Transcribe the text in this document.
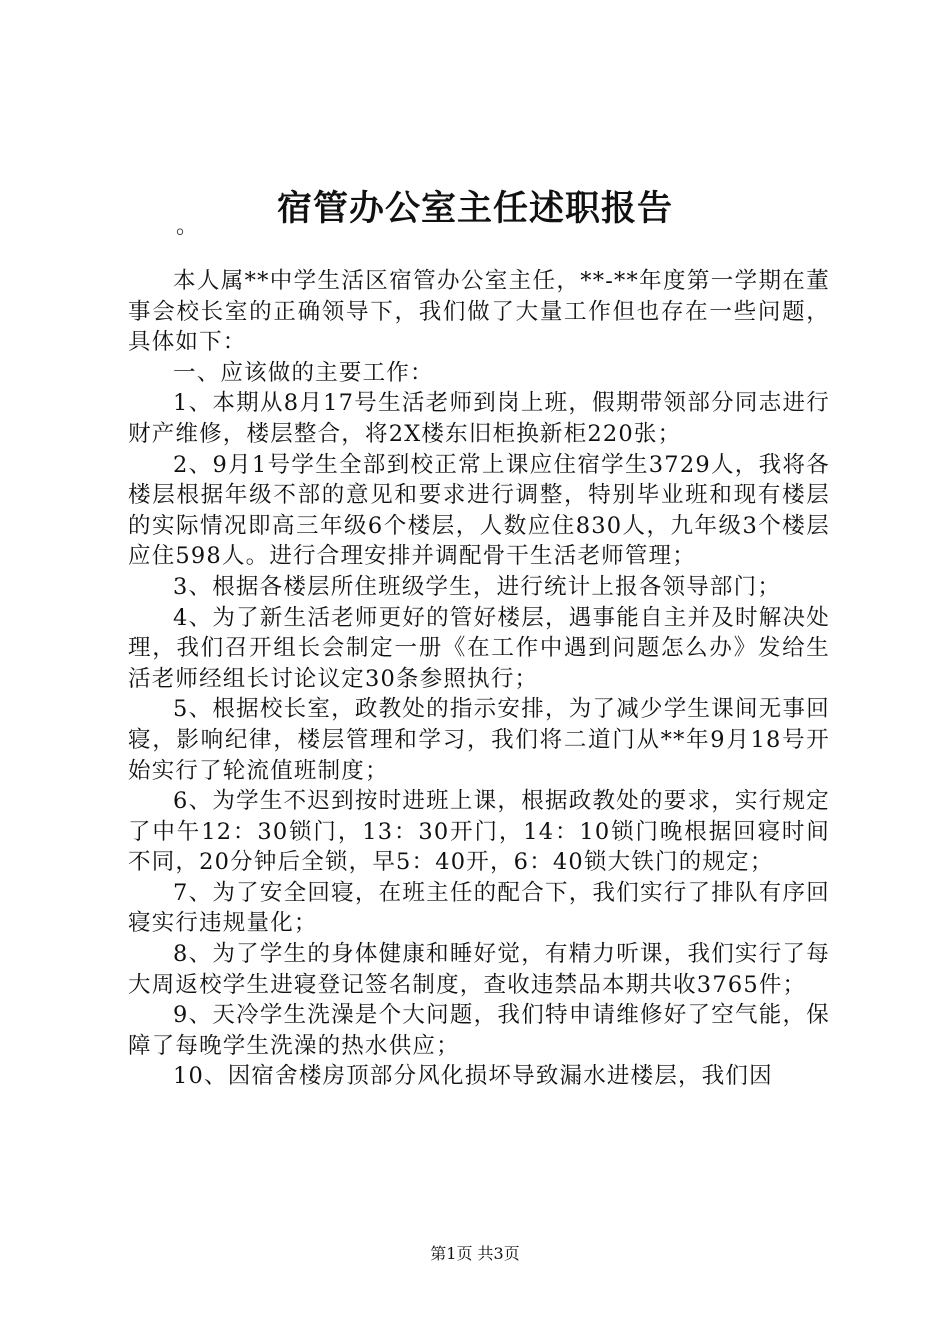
宿管办公室主任述职报告
。

本人属**中学生活区宿管办公室主任，**-**年度第一学期在董事会校长室的正确领导下，我们做了大量工作但也存在一些问题，具体如下：

一、应该做的主要工作：

1、本期从8月17号生活老师到岗上班，假期带领部分同志进行财产维修，楼层整合，将2X楼东旧柜换新柜220张；

2、9月1号学生全部到校正常上课应住宿学生3729人，我将各楼层根据年级不部的意见和要求进行调整，特别毕业班和现有楼层的实际情况即高三年级6个楼层，人数应住830人，九年级3个楼层应住598人。进行合理安排并调配骨干生活老师管理；

3、根据各楼层所住班级学生，进行统计上报各领导部门；

4、为了新生活老师更好的管好楼层，遇事能自主并及时解决处理，我们召开组长会制定一册《在工作中遇到问题怎么办》发给生活老师经组长讨论议定30条参照执行；

5、根据校长室，政教处的指示安排，为了减少学生课间无事回寝，影响纪律，楼层管理和学习，我们将二道门从**年9月18号开始实行了轮流值班制度；

6、为学生不迟到按时进班上课，根据政教处的要求，实行规定了中午12：30锁门，13：30开门，14：10锁门晚根据回寝时间不同，20分钟后全锁，早5：40开，6：40锁大铁门的规定；

7、为了安全回寝，在班主任的配合下，我们实行了排队有序回寝实行违规量化；

8、为了学生的身体健康和睡好觉，有精力听课，我们实行了每大周返校学生进寝登记签名制度，查收违禁品本期共收3765件；

9、天冷学生洗澡是个大问题，我们特申请维修好了空气能，保障了每晚学生洗澡的热水供应；

10、因宿舍楼房顶部分风化损坏导致漏水进楼层，我们因

第1页 共3页
